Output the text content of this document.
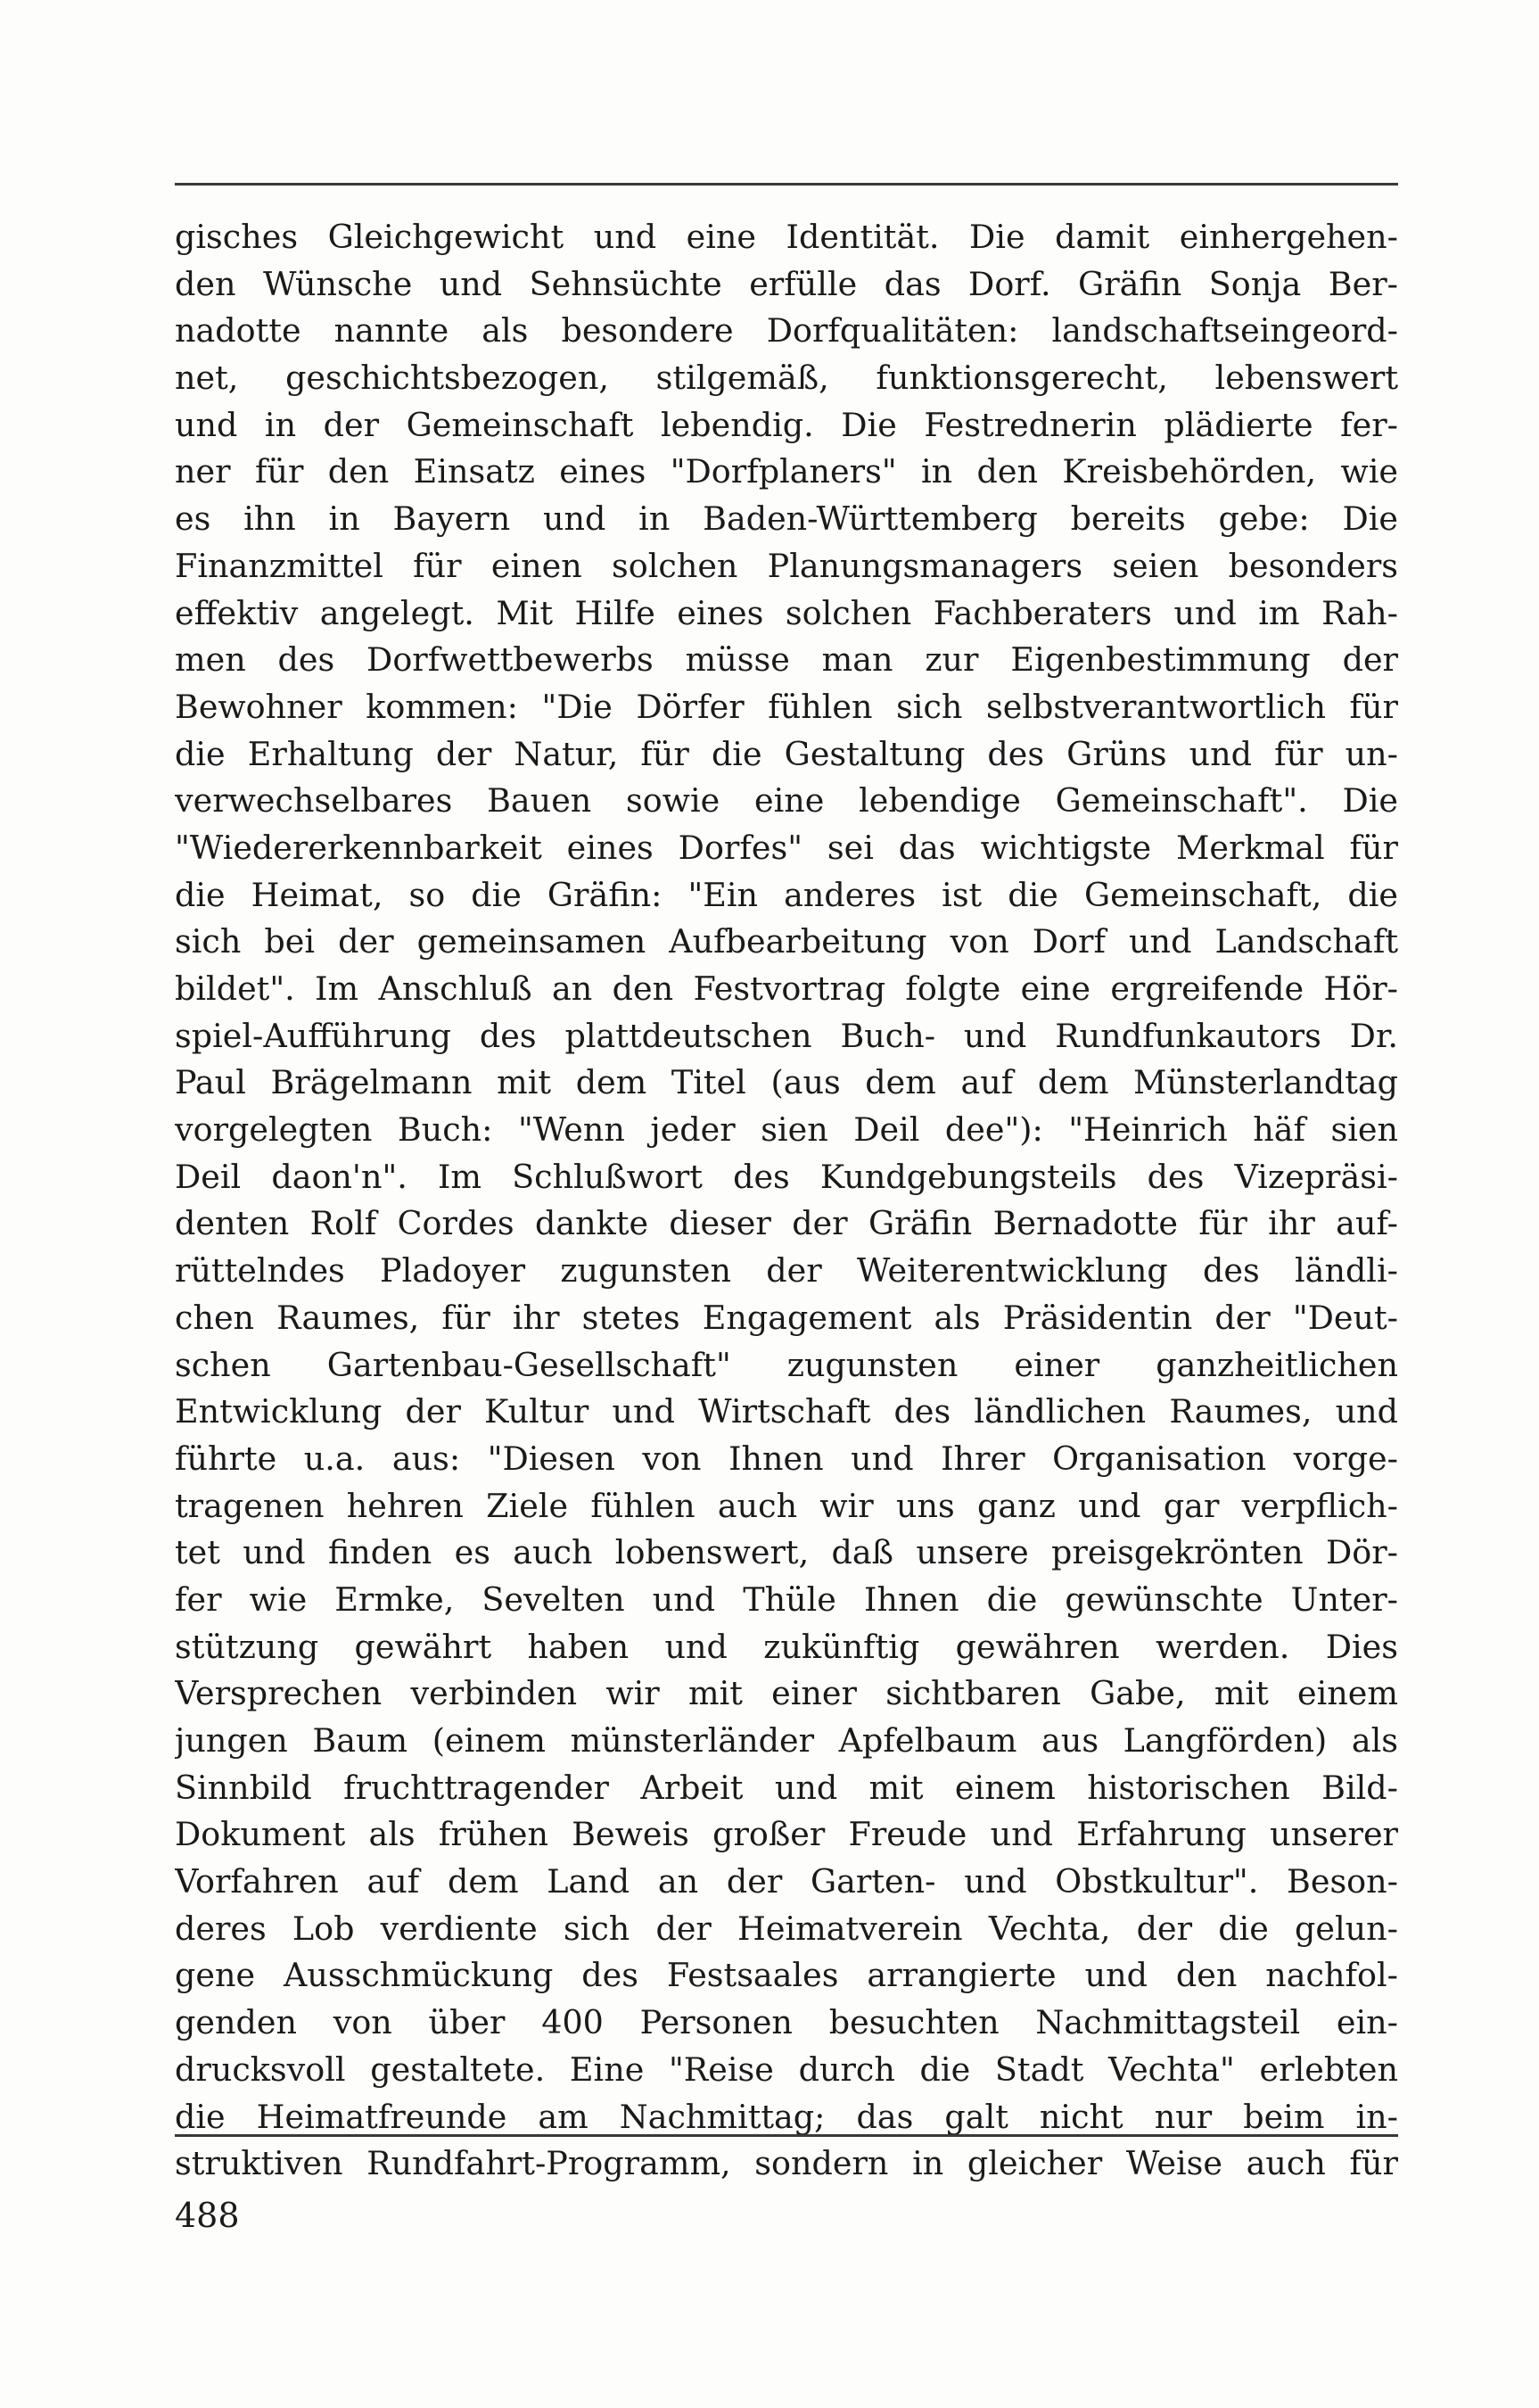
gisches Gleichgewicht und eine Identität. Die damit einhergehen-
den Wünsche und Sehnsüchte erfülle das Dorf. Gräfin Sonja Ber-
nadotte nannte als besondere Dorfqualitäten: landschaftseingeord-
net, geschichtsbezogen, stilgemäß, funktionsgerecht, lebenswert
und in der Gemeinschaft lebendig. Die Festrednerin plädierte fer-
ner für den Einsatz eines "Dorfplaners" in den Kreisbehörden, wie
es ihn in Bayern und in Baden-Württemberg bereits gebe: Die
Finanzmittel für einen solchen Planungsmanagers seien besonders
effektiv angelegt. Mit Hilfe eines solchen Fachberaters und im Rah-
men des Dorfwettbewerbs müsse man zur Eigenbestimmung der
Bewohner kommen: "Die Dörfer fühlen sich selbstverantwortlich für
die Erhaltung der Natur, für die Gestaltung des Grüns und für un-
verwechselbares Bauen sowie eine lebendige Gemeinschaft". Die
"Wiedererkennbarkeit eines Dorfes" sei das wichtigste Merkmal für
die Heimat, so die Gräfin: "Ein anderes ist die Gemeinschaft, die
sich bei der gemeinsamen Aufbearbeitung von Dorf und Landschaft
bildet". Im Anschluß an den Festvortrag folgte eine ergreifende Hör-
spiel-Aufführung des plattdeutschen Buch- und Rundfunkautors Dr.
Paul Brägelmann mit dem Titel (aus dem auf dem Münsterlandtag
vorgelegten Buch: "Wenn jeder sien Deil dee"): "Heinrich häf sien
Deil daon'n". Im Schlußwort des Kundgebungsteils des Vizepräsi-
denten Rolf Cordes dankte dieser der Gräfin Bernadotte für ihr auf-
rüttelndes Pladoyer zugunsten der Weiterentwicklung des ländli-
chen Raumes, für ihr stetes Engagement als Präsidentin der "Deut-
schen Gartenbau-Gesellschaft" zugunsten einer ganzheitlichen
Entwicklung der Kultur und Wirtschaft des ländlichen Raumes, und
führte u.a. aus: "Diesen von Ihnen und Ihrer Organisation vorge-
tragenen hehren Ziele fühlen auch wir uns ganz und gar verpflich-
tet und finden es auch lobenswert, daß unsere preisgekrönten Dör-
fer wie Ermke, Sevelten und Thüle Ihnen die gewünschte Unter-
stützung gewährt haben und zukünftig gewähren werden. Dies
Versprechen verbinden wir mit einer sichtbaren Gabe, mit einem
jungen Baum (einem münsterländer Apfelbaum aus Langförden) als
Sinnbild fruchttragender Arbeit und mit einem historischen Bild-
Dokument als frühen Beweis großer Freude und Erfahrung unserer
Vorfahren auf dem Land an der Garten- und Obstkultur". Beson-
deres Lob verdiente sich der Heimatverein Vechta, der die gelun-
gene Ausschmückung des Festsaales arrangierte und den nachfol-
genden von über 400 Personen besuchten Nachmittagsteil ein-
drucksvoll gestaltete. Eine "Reise durch die Stadt Vechta" erlebten
die Heimatfreunde am Nachmittag; das galt nicht nur beim in-
struktiven Rundfahrt-Programm, sondern in gleicher Weise auch für
488
